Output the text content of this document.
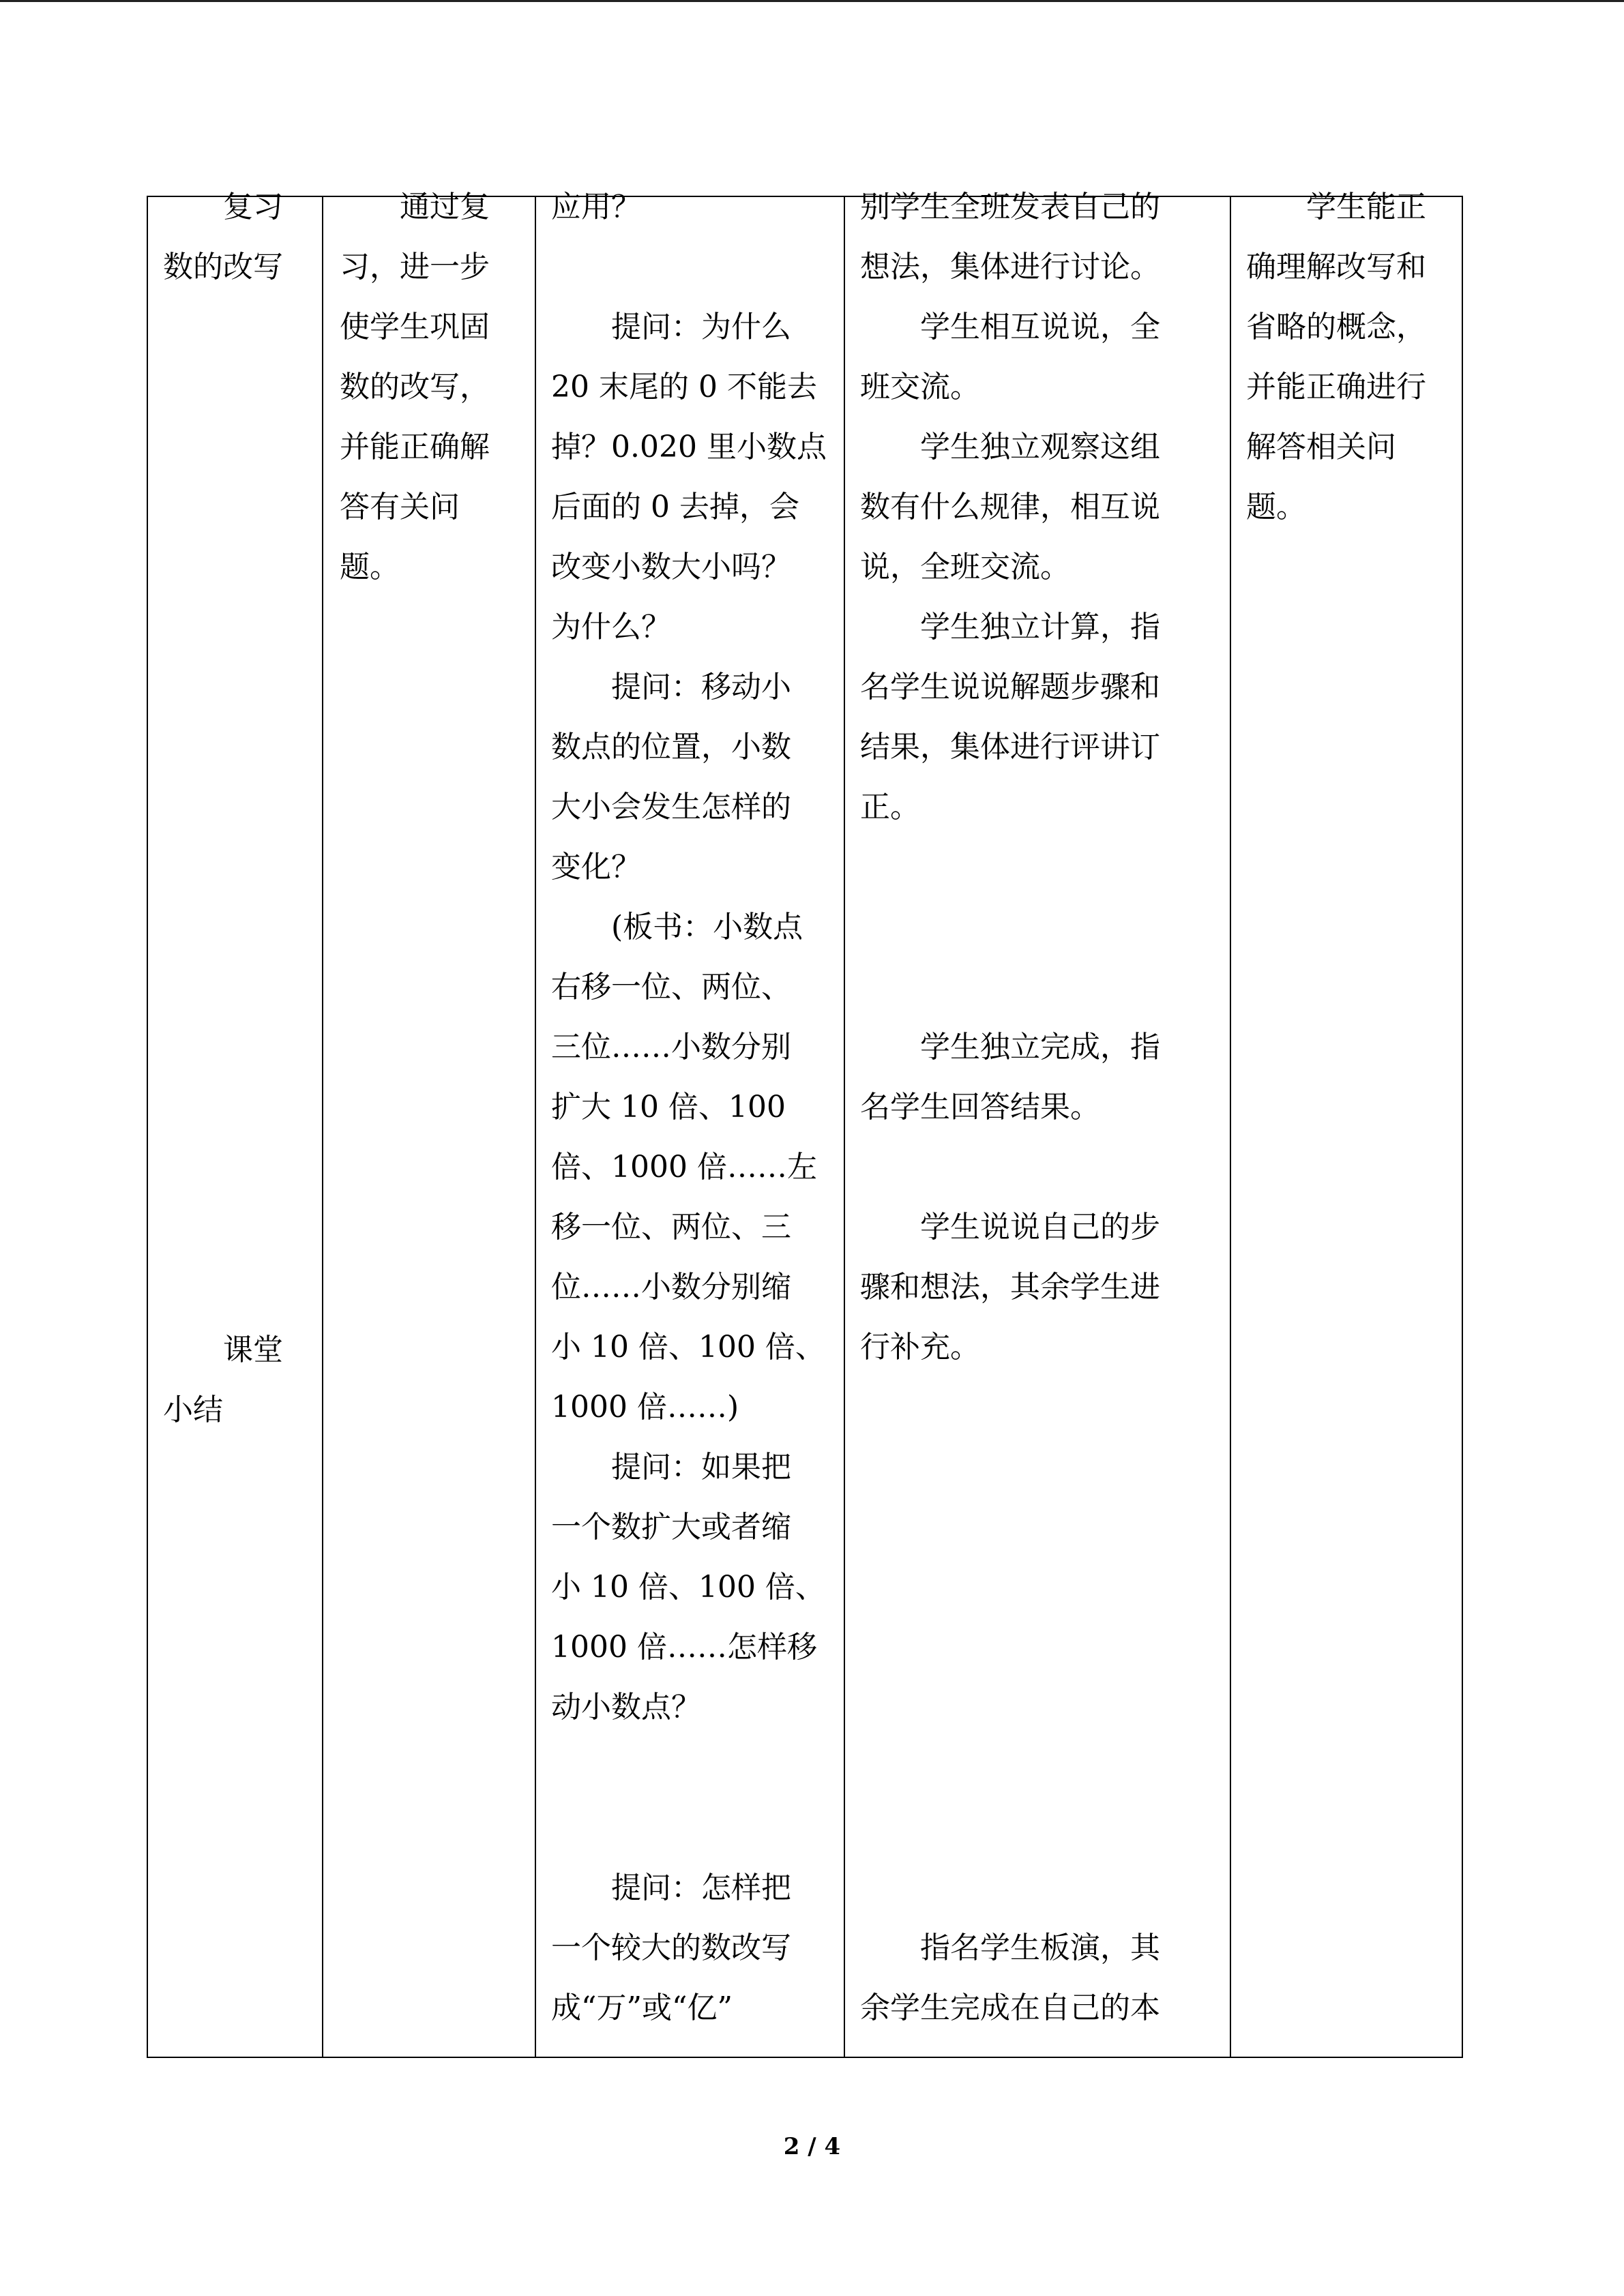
复习
数的改写
课堂
小结
通过复
习，进一步
使学生巩固
数的改写，
并能正确解
答有关问
题。
应用？
提问：为什么
20 末尾的 0 不能去
掉？0.020 里小数点
后面的 0 去掉，会
改变小数大小吗？
为什么？
提问：移动小
数点的位置，小数
大小会发生怎样的
变化？
(板书：小数点
右移一位、两位、
三位……小数分别
扩大 10 倍、100
倍、1000 倍……左
移一位、两位、三
位……小数分别缩
小 10 倍、100 倍、
1000 倍……)
提问：如果把
一个数扩大或者缩
小 10 倍、100 倍、
1000 倍……怎样移
动小数点？
提问：怎样把
一个较大的数改写
成“万”或“亿”
别学生全班发表自己的
想法，集体进行讨论。
学生相互说说，全
班交流。
学生独立观察这组
数有什么规律，相互说
说，全班交流。
学生独立计算，指
名学生说说解题步骤和
结果，集体进行评讲订
正。
学生独立完成，指
名学生回答结果。
学生说说自己的步
骤和想法，其余学生进
行补充。
指名学生板演，其
余学生完成在自己的本
学生能正
确理解改写和
省略的概念，
并能正确进行
解答相关问
题。
2 / 4
